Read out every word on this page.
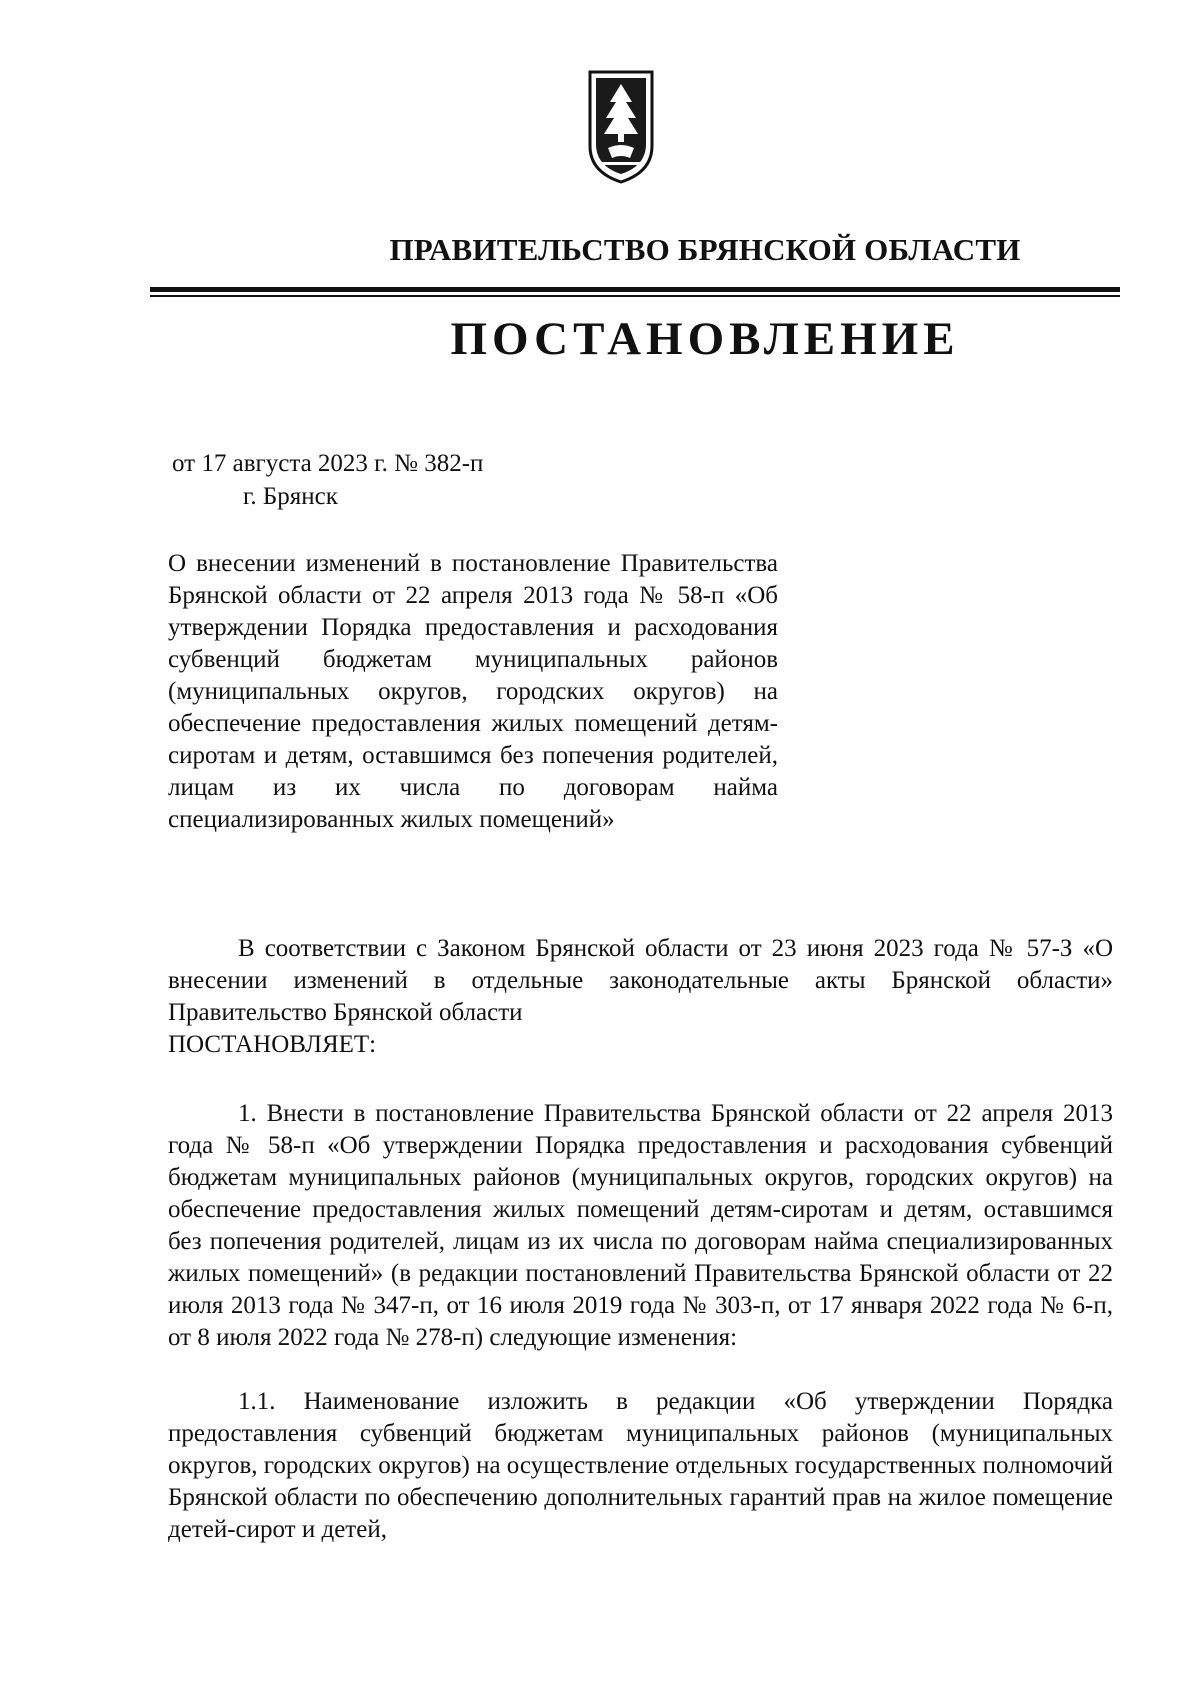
ПРАВИТЕЛЬСТВО БРЯНСКОЙ ОБЛАСТИ
ПОСТАНОВЛЕНИЕ
от 17 августа 2023 г. № 382-п
г. Брянск

О внесении изменений в постановление Правительства Брянской области от 22 апреля 2013 года № 58-п «Об утверждении Порядка предоставления и расходования субвенций бюджетам муниципальных районов (муниципальных округов, городских округов) на обеспечение предоставления жилых помещений детям-сиротам и детям, оставшимся без попечения родителей, лицам из их числа по договорам найма специализированных жилых помещений»

В соответствии с Законом Брянской области от 23 июня 2023 года № 57-З «О внесении изменений в отдельные законодательные акты Брянской области» Правительство Брянской области

ПОСТАНОВЛЯЕТ:

1. Внести в постановление Правительства Брянской области от 22 апреля 2013 года № 58-п «Об утверждении Порядка предоставления и расходования субвенций бюджетам муниципальных районов (муниципальных округов, городских округов) на обеспечение предоставления жилых помещений детям-сиротам и детям, оставшимся без попечения родителей, лицам из их числа по договорам найма специализированных жилых помещений» (в редакции постановлений Правительства Брянской области от 22 июля 2013 года № 347-п, от 16 июля 2019 года № 303-п, от 17 января 2022 года № 6-п, от 8 июля 2022 года № 278-п) следующие изменения:

1.1. Наименование изложить в редакции «Об утверждении Порядка предоставления субвенций бюджетам муниципальных районов (муниципальных округов, городских округов) на осуществление отдельных государственных полномочий Брянской области по обеспечению дополнительных гарантий прав на жилое помещение детей-сирот и детей,
